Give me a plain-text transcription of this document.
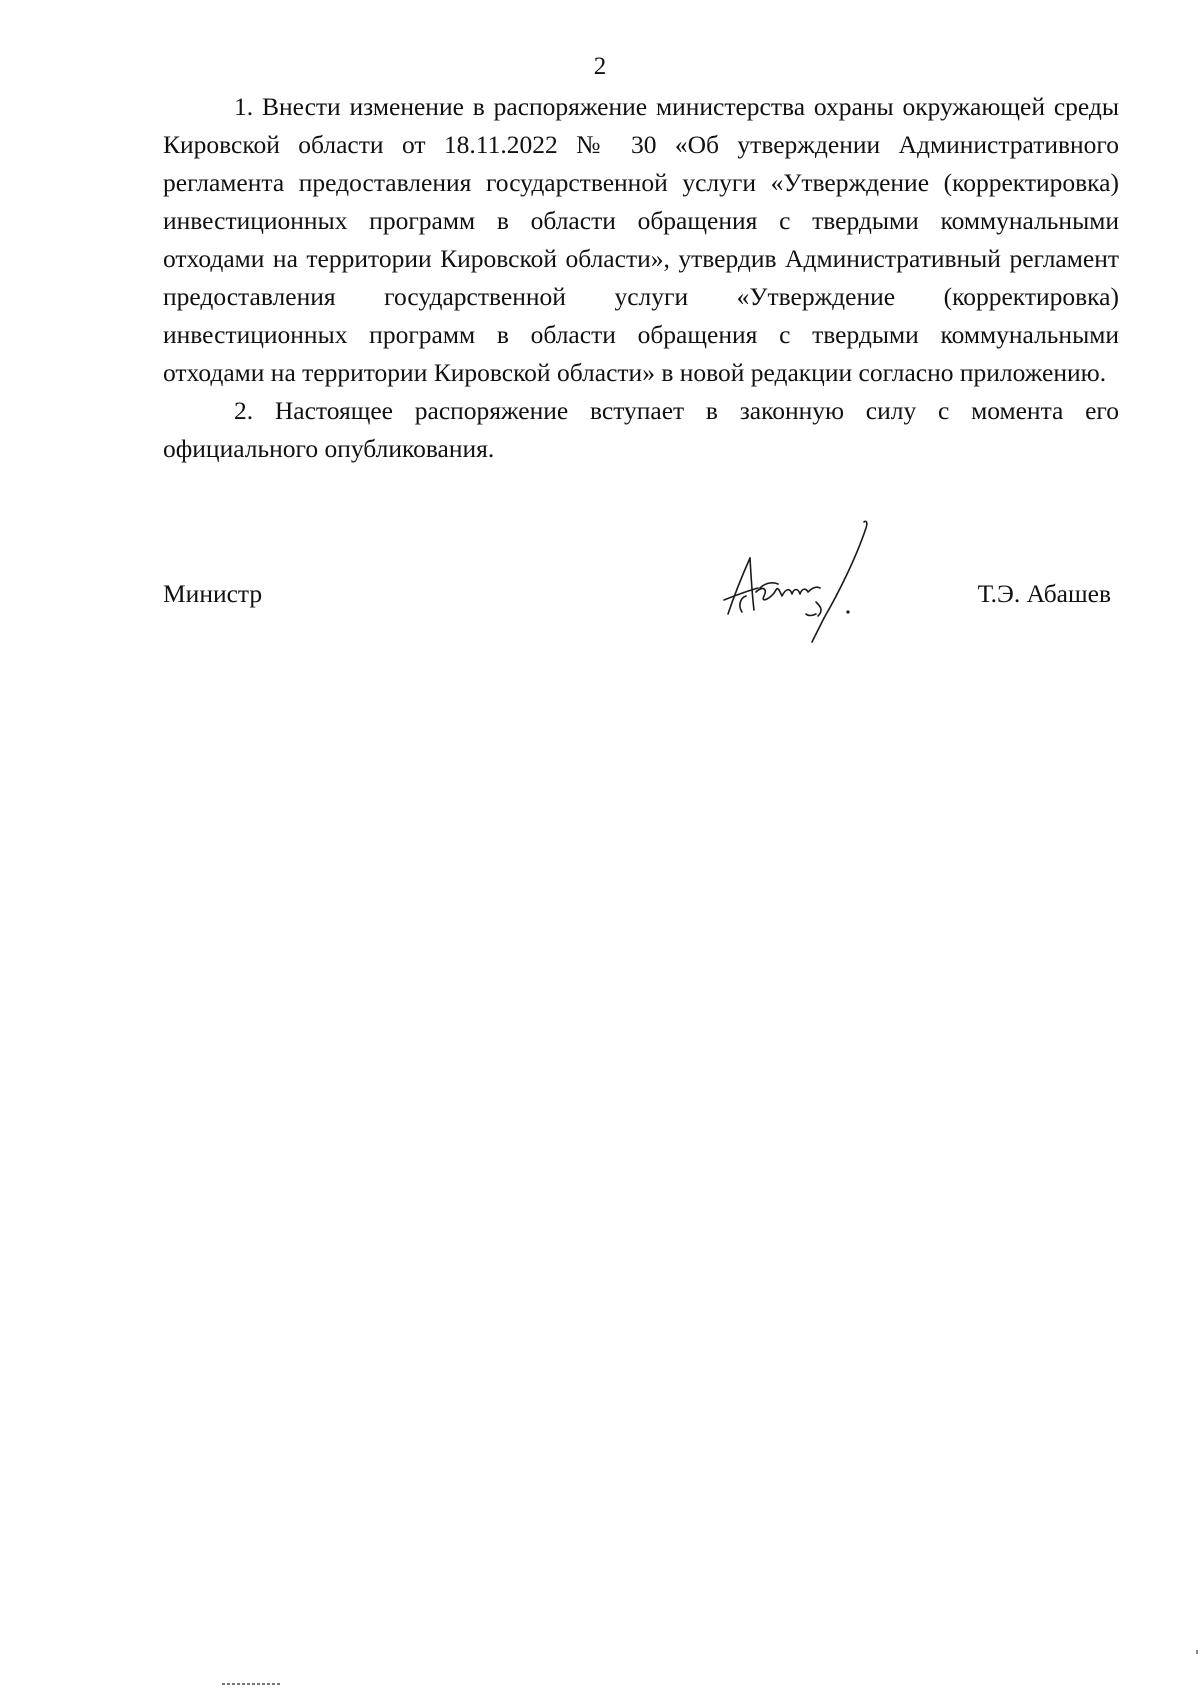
2

1. Внести изменение в распоряжение министерства охраны окружающей среды Кировской области от 18.11.2022 № 30 «Об утверждении Административного регламента предоставления государственной услуги «Утверждение (корректировка) инвестиционных программ в области обращения с твердыми коммунальными отходами на территории Кировской области», утвердив Административный регламент предоставления государственной услуги «Утверждение (корректировка) инвестиционных программ в области обращения с твердыми коммунальными отходами на территории Кировской области» в новой редакции согласно приложению.

2. Настоящее распоряжение вступает в законную силу с момента его официального опубликования.

Министр	Т.Э. Абашев
